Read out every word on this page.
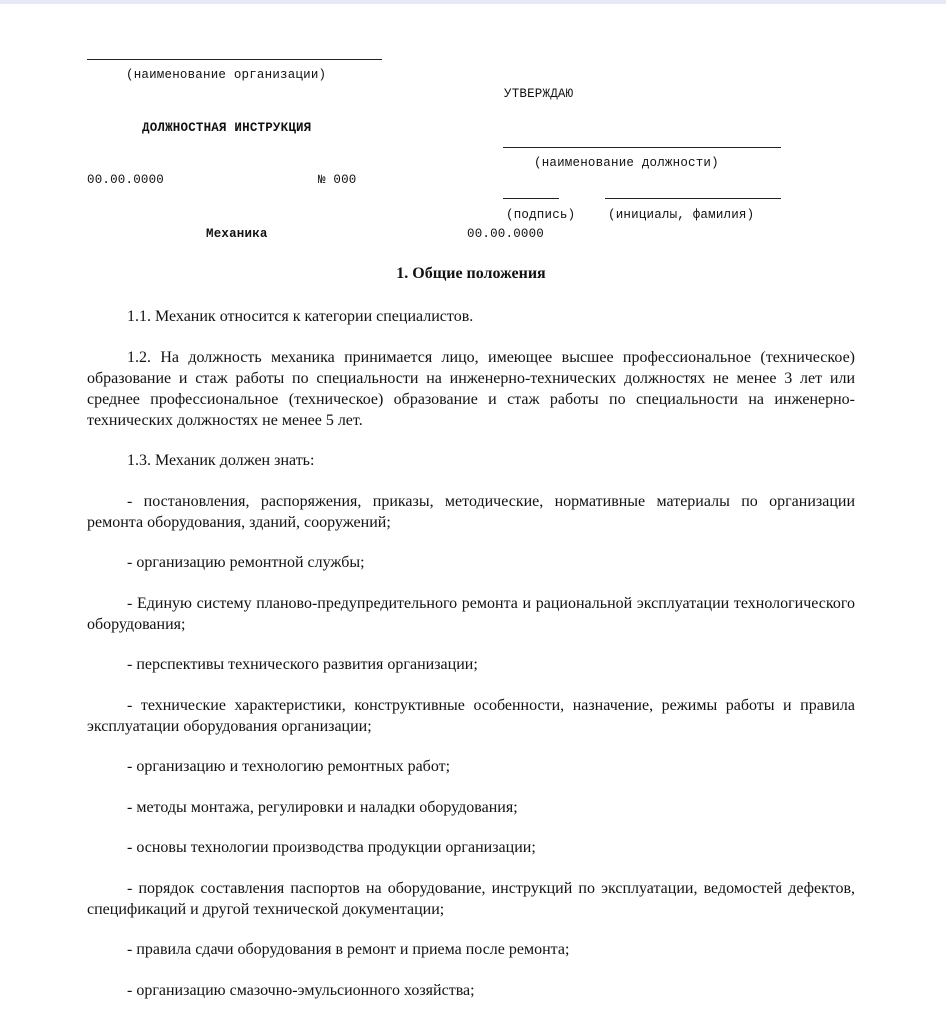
(наименование организации)
ДОЛЖНОСТНАЯ ИНСТРУКЦИЯ
00.00.0000	№ 000
Механика
УТВЕРЖДАЮ
(наименование должности)
(подпись)	(инициалы, фамилия)
00.00.0000
1. Общие положения

1.1. Механик относится к категории специалистов.

1.2. На должность механика принимается лицо, имеющее высшее профессиональное (техническое) образование и стаж работы по специальности на инженерно-технических должностях не менее 3 лет или среднее профессиональное (техническое) образование и стаж работы по специальности на инженерно-технических должностях не менее 5 лет.

1.3. Механик должен знать:

- постановления, распоряжения, приказы, методические, нормативные материалы по организации ремонта оборудования, зданий, сооружений;

- организацию ремонтной службы;

- Единую систему планово-предупредительного ремонта и рациональной эксплуатации технологического оборудования;

- перспективы технического развития организации;

- технические характеристики, конструктивные особенности, назначение, режимы работы и правила эксплуатации оборудования организации;

- организацию и технологию ремонтных работ;

- методы монтажа, регулировки и наладки оборудования;

- основы технологии производства продукции организации;

- порядок составления паспортов на оборудование, инструкций по эксплуатации, ведомостей дефектов, спецификаций и другой технической документации;

- правила сдачи оборудования в ремонт и приема после ремонта;

- организацию смазочно-эмульсионного хозяйства;
